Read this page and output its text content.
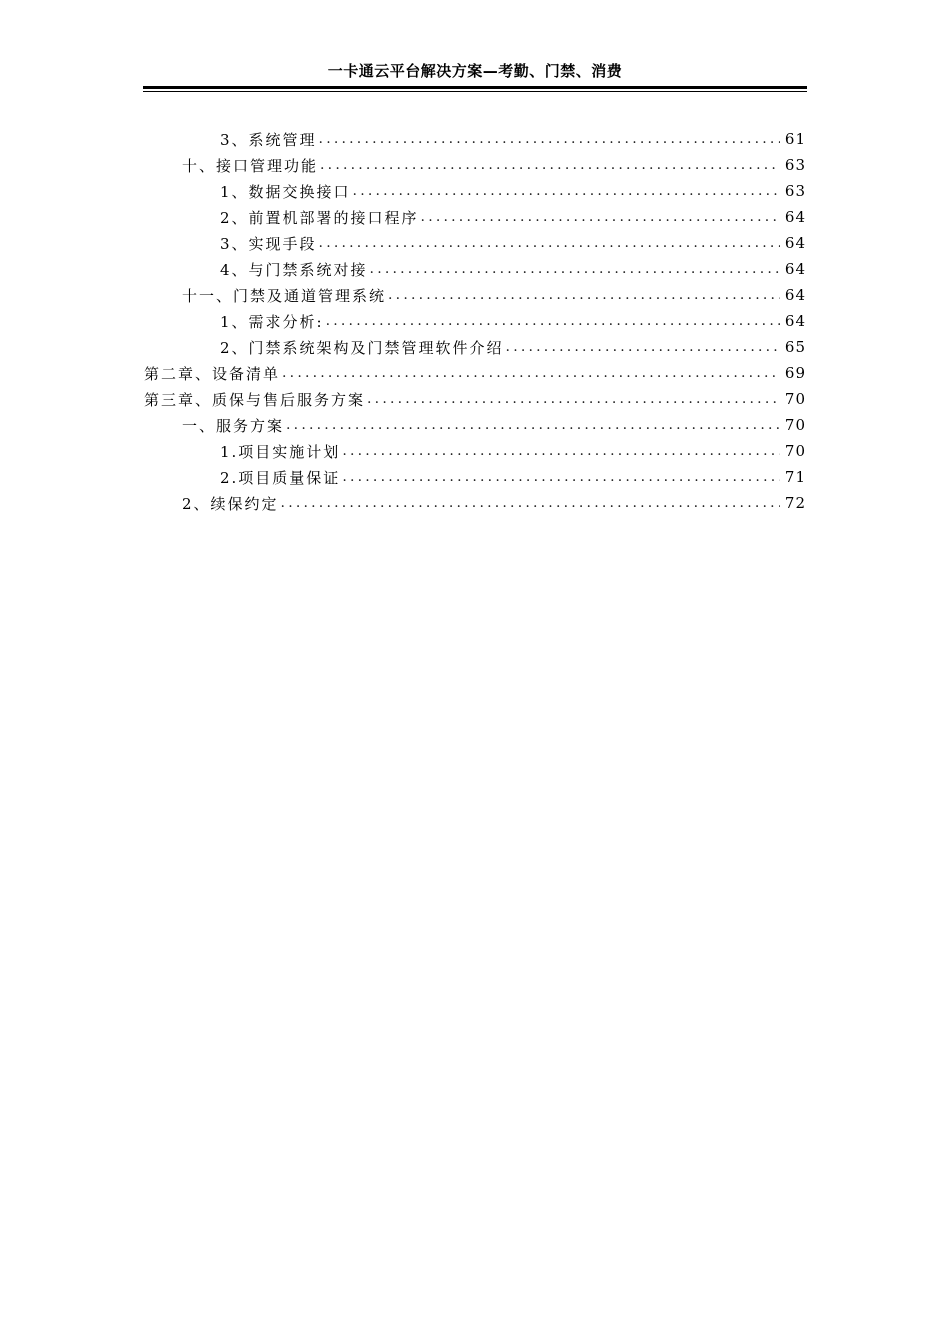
一卡通云平台解决方案—考勤、门禁、消费
3、系统管理 .....	61
十、接口管理功能 .....	63
1、数据交换接口 .....	63
2、前置机部署的接口程序 .....	64
3、实现手段 .....	64
4、与门禁系统对接 .....	64
十一、门禁及通道管理系统 .....	64
1、需求分析: .....	64
2、门禁系统架构及门禁管理软件介绍 .....	65
第二章、设备清单 .....	69
第三章、质保与售后服务方案 .....	70
一、服务方案 .....	70
1.项目实施计划 .....	70
2.项目质量保证 .....	71
2、续保约定 .....	72
